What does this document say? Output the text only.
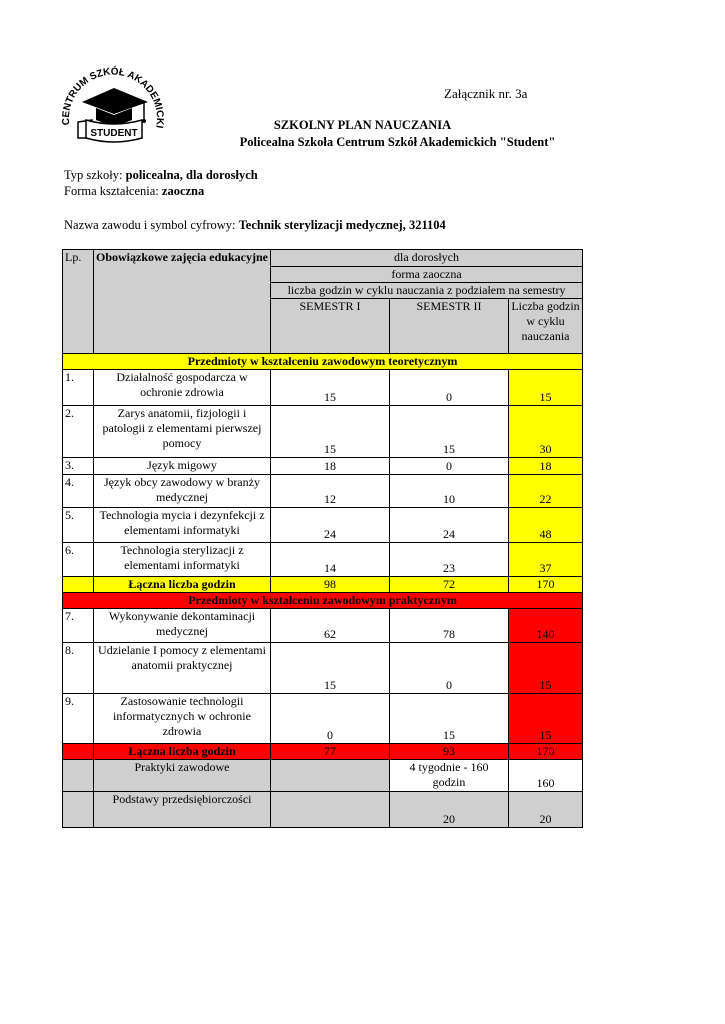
CENTRUM SZKÓŁ AKADEMICKI
STUDENT
Załącznik nr. 3a
SZKOLNY PLAN NAUCZANIA
Policealna Szkoła Centrum Szkół Akademickich "Student"
Typ szkoły: policealna, dla dorosłych
Forma kształcenia: zaoczna
Nazwa zawodu i symbol cyfrowy: Technik sterylizacji medycznej, 321104
Lp.	Obowiązkowe zajęcia edukacyjne	dla dorosłych		
		forma zaoczna		
		liczba godzin w cyklu nauczania z podziałem na semestry		
		SEMESTR I	SEMESTR II	Liczba godzin w cyklu nauczania

Przedmioty w kształceniu zawodowym teoretycznym				
1.	Działalność gospodarcza w ochronie zdrowia	15	0	15
2.	Zarys anatomii, fizjologii i patologii z elementami pierwszej pomocy	15	15	30
3.	Język migowy	18	0	18
4.	Język obcy zawodowy w branży medycznej	12	10	22
5.	Technologia mycia i dezynfekcji z elementami informatyki	24	24	48
6.	Technologia sterylizacji z elementami informatyki	14	23	37
	Łączna liczba godzin	98	72	170
Przedmioty w kształceniu zawodowym praktycznym				
7.	Wykonywanie dekontaminacji medycznej	62	78	140
8.	Udzielanie I pomocy z elementami anatomii praktycznej	15	0	15
9.	Zastosowanie technologii informatycznych w ochronie zdrowia	0	15	15
	Łączna liczba godzin	77	93	170
	Praktyki zawodowe		4 tygodnie - 160 godzin	160
	Podstawy przedsiębiorczości		20	20
